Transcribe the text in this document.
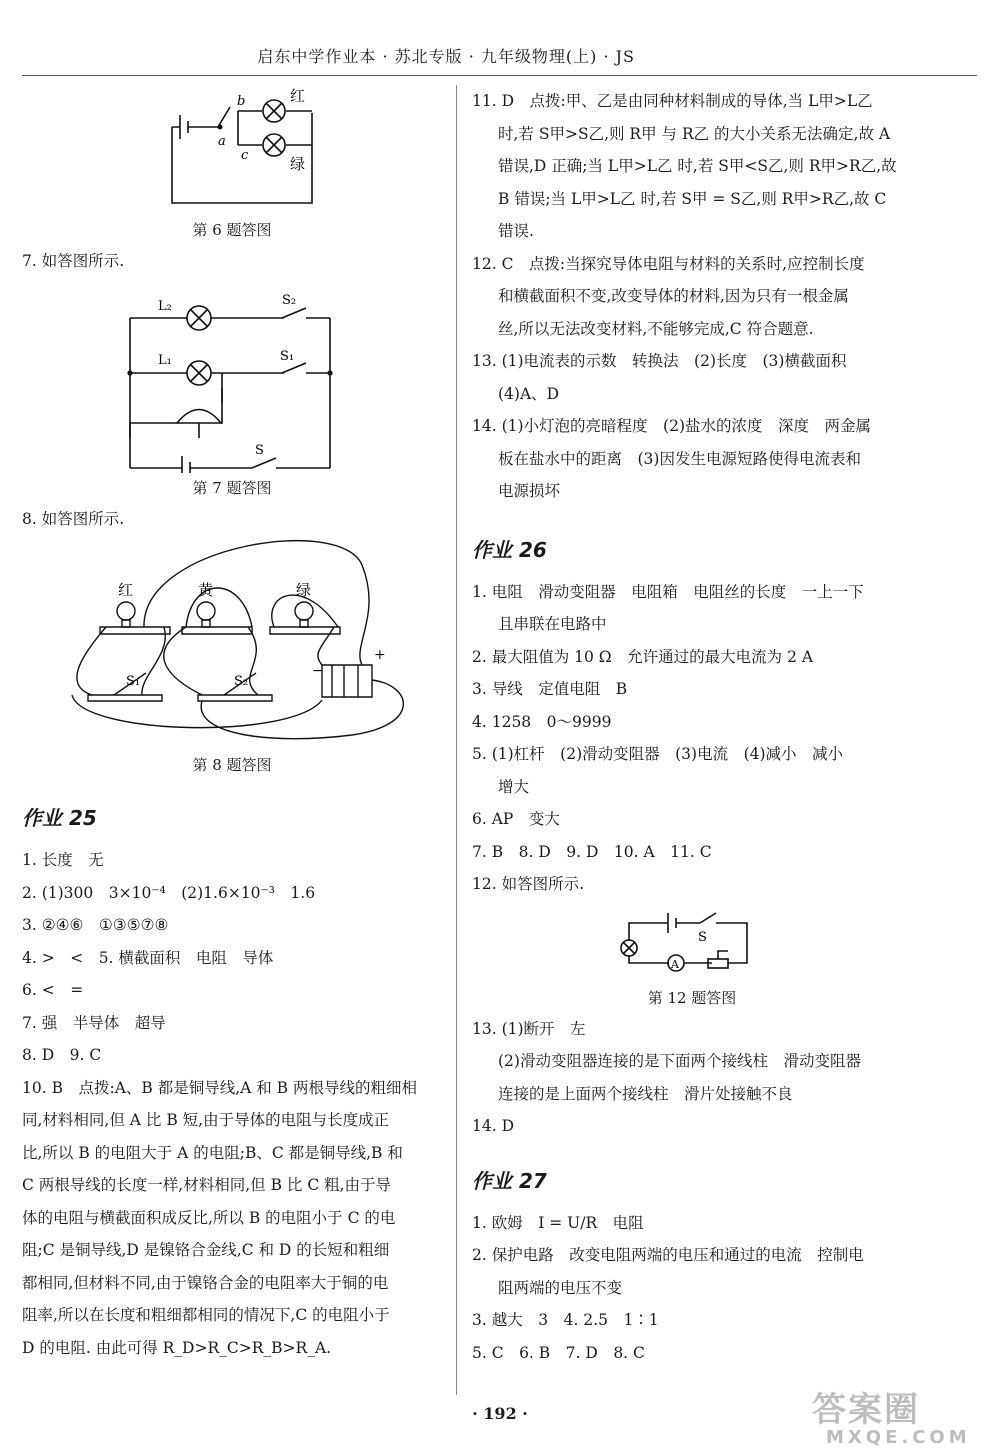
启东中学作业本 · 苏北专版 · 九年级物理(上) · JS
b
a
c
红
绿
第 6 题答图

7. 如答图所示.

L₂	S₂
L₁	S₁
S
第 7 题答图

8. 如答图所示.

红	黄	绿
S₁	S₂
+
−
第 8 题答图

作业 25

1. 长度　无

2. (1)300　3×10⁻⁴　(2)1.6×10⁻³　1.6

3. ②④⑥　①③⑤⑦⑧

4. >　<　5. 横截面积　电阻　导体

6. <　=

7. 强　半导体　超导

8. D　9. C

10. B　点拨:A、B 都是铜导线,A 和 B 两根导线的粗细相

同,材料相同,但 A 比 B 短,由于导体的电阻与长度成正

比,所以 B 的电阻大于 A 的电阻;B、C 都是铜导线,B 和

C 两根导线的长度一样,材料相同,但 B 比 C 粗,由于导

体的电阻与横截面积成反比,所以 B 的电阻小于 C 的电

阻;C 是铜导线,D 是镍铬合金线,C 和 D 的长短和粗细

都相同,但材料不同,由于镍铬合金的电阻率大于铜的电

阻率,所以在长度和粗细都相同的情况下,C 的电阻小于

D 的电阻. 由此可得 R_D>R_C>R_B>R_A.

11. D　点拨:甲、乙是由同种材料制成的导体,当 L甲>L乙

时,若 S甲>S乙,则 R甲 与 R乙 的大小关系无法确定,故 A

错误,D 正确;当 L甲>L乙 时,若 S甲<S乙,则 R甲>R乙,故

B 错误;当 L甲>L乙 时,若 S甲 = S乙,则 R甲>R乙,故 C

错误.

12. C　点拨:当探究导体电阻与材料的关系时,应控制长度

和横截面积不变,改变导体的材料,因为只有一根金属

丝,所以无法改变材料,不能够完成,C 符合题意.

13. (1)电流表的示数　转换法　(2)长度　(3)横截面积

(4)A、D

14. (1)小灯泡的亮暗程度　(2)盐水的浓度　深度　两金属

板在盐水中的距离　(3)因发生电源短路使得电流表和

电源损坏

作业 26

1. 电阻　滑动变阻器　电阻箱　电阻丝的长度　一上一下

且串联在电路中

2. 最大阻值为 10 Ω　允许通过的最大电流为 2 A

3. 导线　定值电阻　B

4. 1258　0～9999

5. (1)杠杆　(2)滑动变阻器　(3)电流　(4)减小　减小

增大

6. AP　变大

7. B　8. D　9. D　10. A　11. C

12. 如答图所示.

S
A
第 12 题答图

13. (1)断开　左

(2)滑动变阻器连接的是下面两个接线柱　滑动变阻器

连接的是上面两个接线柱　滑片处接触不良

14. D

作业 27

1. 欧姆　I = U/R　电阻

2. 保护电路　改变电阻两端的电压和通过的电流　控制电

阻两端的电压不变

3. 越大　3　4. 2.5　1∶1

5. C　6. B　7. D　8. C

· 192 ·	答案圈
MXQE.COM
